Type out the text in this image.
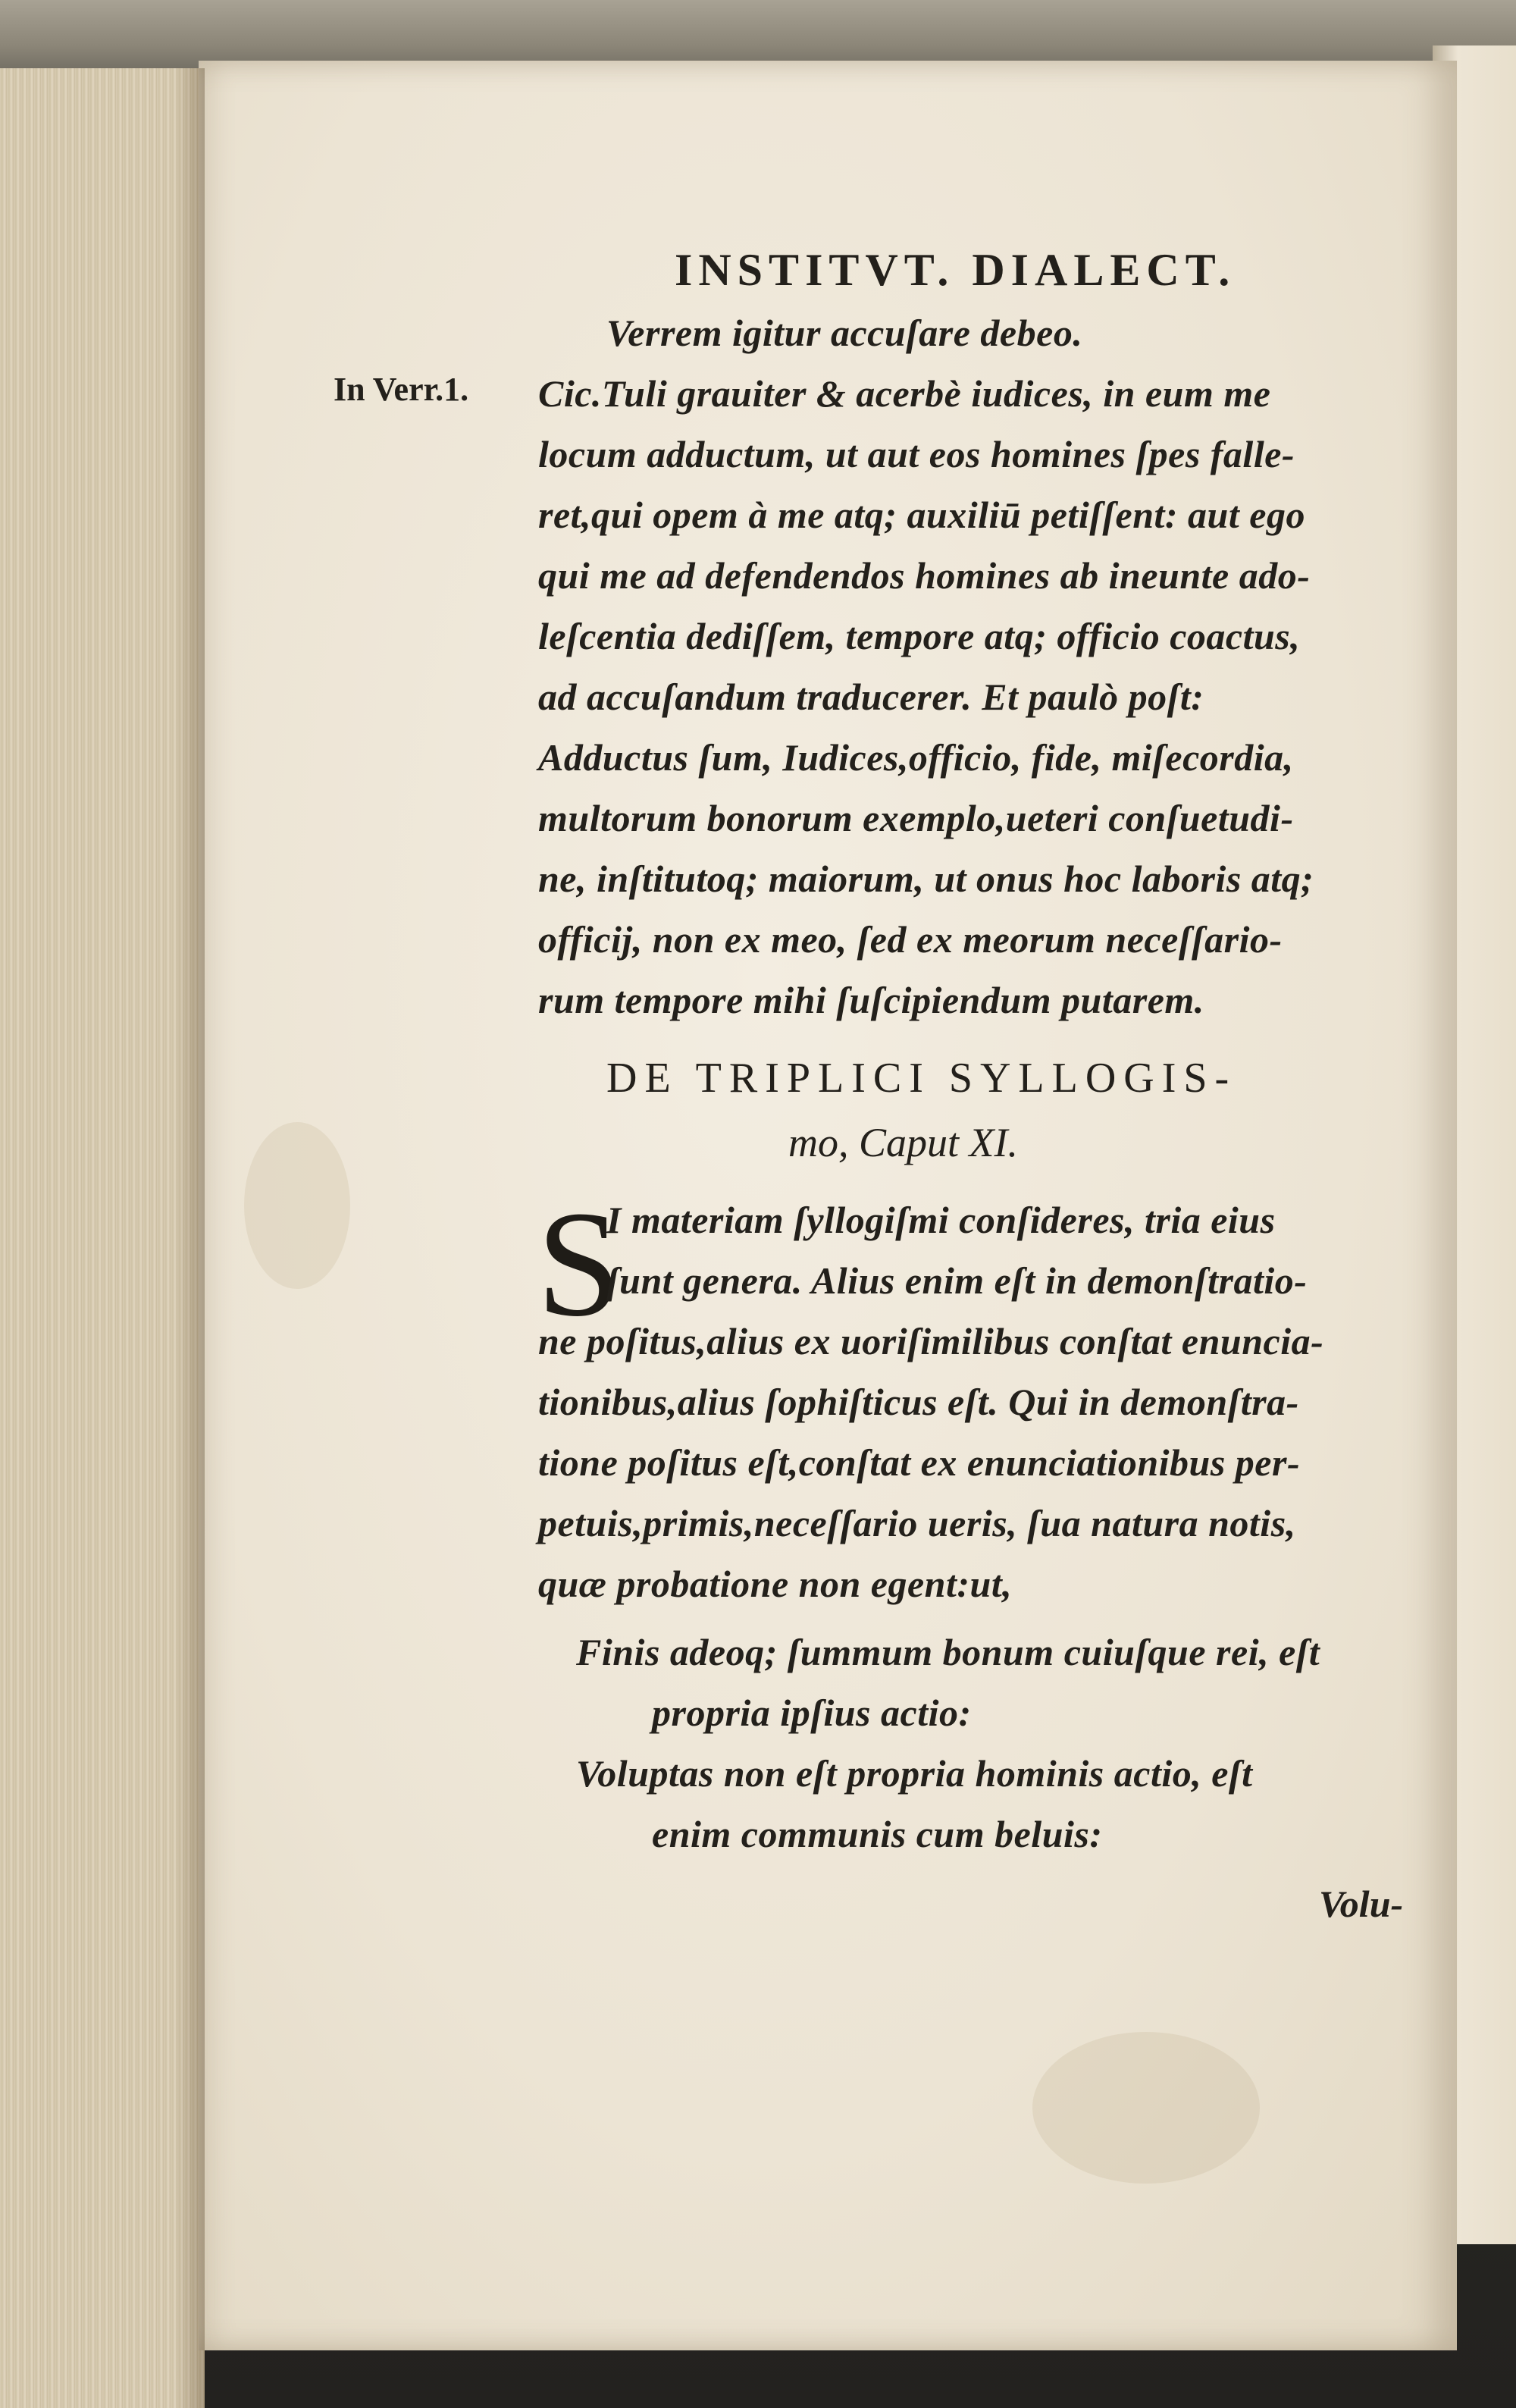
INSTITVT. DIALECT.
In Verr.1.
Verrem igitur accuſare debeo.
Cic.Tuli grauiter & acerbè iudices, in eum me
locum adductum, ut aut eos homines ſpes falle-
ret,qui opem à me atq; auxiliū petiſſent: aut ego
qui me ad defendendos homines ab ineunte ado-
leſcentia dediſſem, tempore atq; officio coactus,
ad accuſandum traducerer. Et paulò poſt:
Adductus ſum, Iudices,officio, fide, miſecordia,
multorum bonorum exemplo,ueteri conſuetudi-
ne, inſtitutoq; maiorum, ut onus hoc laboris atq;
officij, non ex meo, ſed ex meorum neceſſario-
rum tempore mihi ſuſcipiendum putarem.
DE TRIPLICI SYLLOGIS-
mo, Caput XI.
S
I materiam ſyllogiſmi conſideres, tria eius
ſunt genera. Alius enim eſt in demonſtratio-
ne poſitus,alius ex uoriſimilibus conſtat enuncia-
tionibus,alius ſophiſticus eſt. Qui in demonſtra-
tione poſitus eſt,conſtat ex enunciationibus per-
petuis,primis,neceſſario ueris, ſua natura notis,
quæ probatione non egent:ut,
Finis adeoq; ſummum bonum cuiuſque rei, eſt
propria ipſius actio:
Voluptas non eſt propria hominis actio, eſt
enim communis cum beluis:
Volu-
